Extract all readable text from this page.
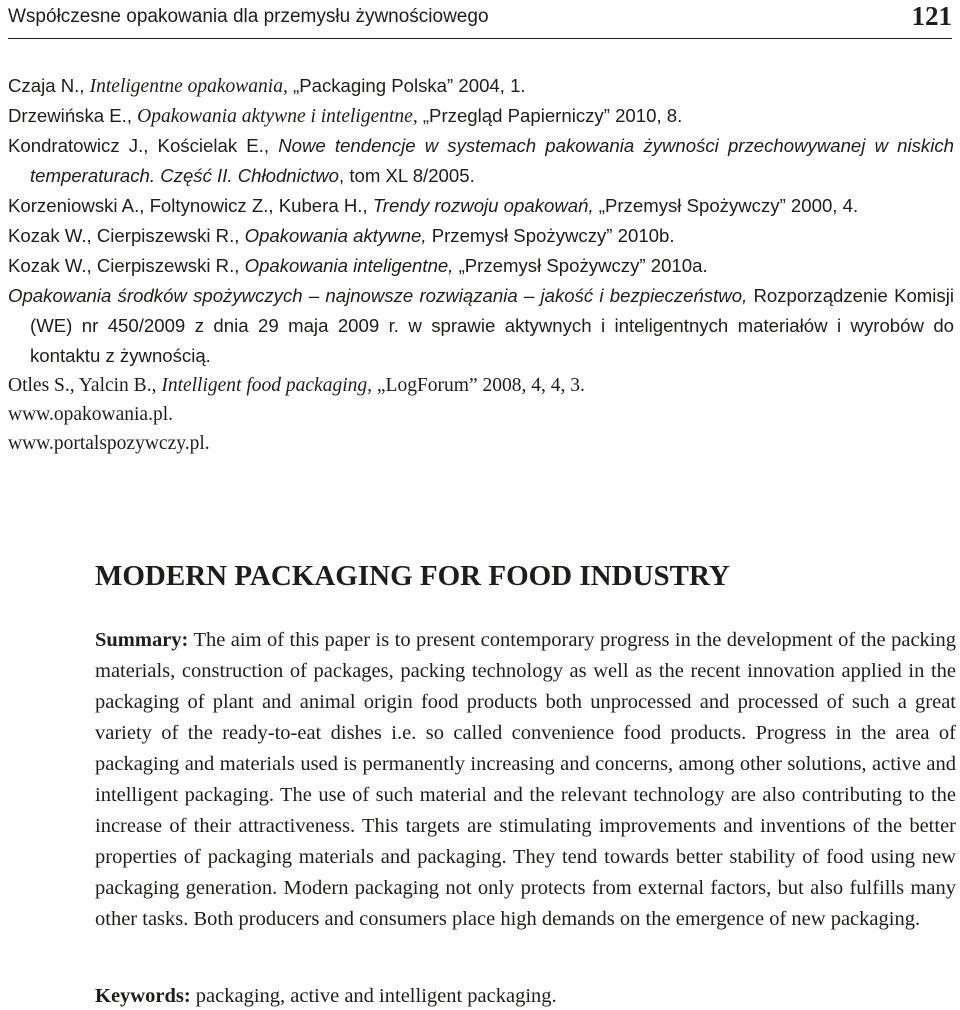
Współczesne opakowania dla przemysłu żywnościowego	121

Czaja N., Inteligentne opakowania, „Packaging Polska” 2004, 1.

Drzewińska E., Opakowania aktywne i inteligentne, „Przegląd Papierniczy” 2010, 8.

Kondratowicz J., Kościelak E., Nowe tendencje w systemach pakowania żywności przechowywanej w niskich temperaturach. Część II. Chłodnictwo, tom XL 8/2005.

Korzeniowski A., Foltynowicz Z., Kubera H., Trendy rozwoju opakowań, „Przemysł Spożywczy” 2000, 4.

Kozak W., Cierpiszewski R., Opakowania aktywne, Przemysł Spożywczy” 2010b.

Kozak W., Cierpiszewski R., Opakowania inteligentne, „Przemysł Spożywczy” 2010a.

Opakowania środków spożywczych – najnowsze rozwiązania – jakość i bezpieczeństwo, Rozporządzenie Komisji (WE) nr 450/2009 z dnia 29 maja 2009 r. w sprawie aktywnych i inteligentnych materiałów i wyrobów do kontaktu z żywnością.

Otles S., Yalcin B., Intelligent food packaging, „LogForum” 2008, 4, 4, 3.

www.opakowania.pl.

www.portalspozywczy.pl.

MODERN PACKAGING FOR FOOD INDUSTRY

Summary: The aim of this paper is to present contemporary progress in the development of the packing materials, construction of packages, packing technology as well as the recent innovation applied in the packaging of plant and animal origin food products both unprocessed and processed of such a great variety of the ready-to-eat dishes i.e. so called convenience food products. Progress in the area of packaging and materials used is permanently increasing and concerns, among other solutions, active and intelligent packaging. The use of such material and the relevant technology are also contributing to the increase of their attractiveness. This targets are stimulating improvements and inventions of the better properties of packaging materials and packaging. They tend towards better stability of food using new packaging generation. Modern packaging not only protects from external factors, but also fulfills many other tasks. Both producers and consumers place high demands on the emergence of new packaging.

Keywords: packaging, active and intelligent packaging.
